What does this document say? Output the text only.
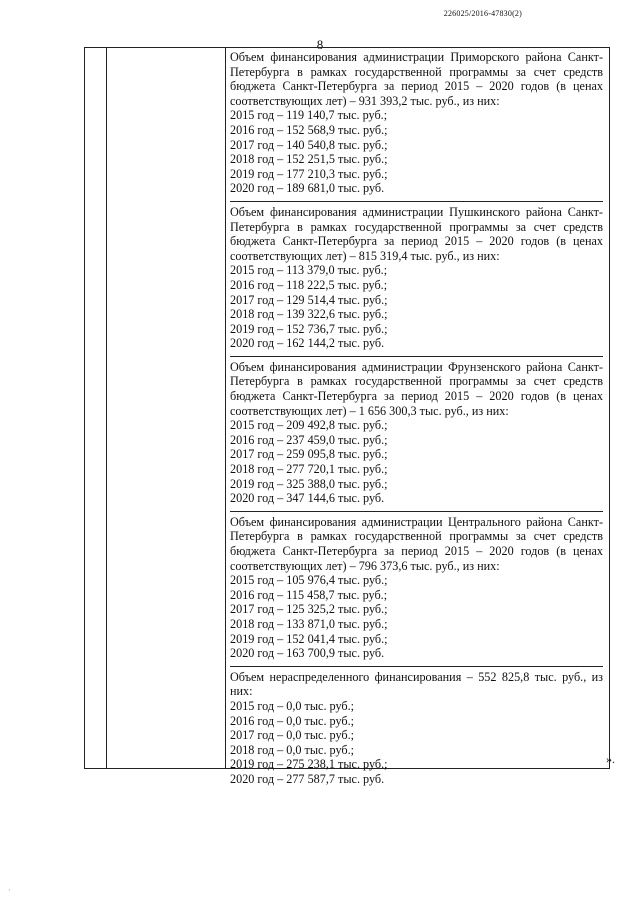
226025/2016-47830(2)
8
Объем финансирования администрации Приморского района Санкт-Петербурга в рамках государственной программы за счет средств бюджета Санкт-Петербурга за период 2015 – 2020 годов (в ценах соответствующих лет) – 931 393,2 тыс. руб., из них:
2015 год – 119 140,7 тыс. руб.;
2016 год – 152 568,9 тыс. руб.;
2017 год – 140 540,8 тыс. руб.;
2018 год – 152 251,5 тыс. руб.;
2019 год – 177 210,3 тыс. руб.;
2020 год – 189 681,0 тыс. руб.
Объем финансирования администрации Пушкинского района Санкт-Петербурга в рамках государственной программы за счет средств бюджета Санкт-Петербурга за период 2015 – 2020 годов (в ценах соответствующих лет) – 815 319,4 тыс. руб., из них:
2015 год – 113 379,0 тыс. руб.;
2016 год – 118 222,5 тыс. руб.;
2017 год – 129 514,4 тыс. руб.;
2018 год – 139 322,6 тыс. руб.;
2019 год – 152 736,7 тыс. руб.;
2020 год – 162 144,2 тыс. руб.
Объем финансирования администрации Фрунзенского района Санкт-Петербурга в рамках государственной программы за счет средств бюджета Санкт-Петербурга за период 2015 – 2020 годов (в ценах соответствующих лет) – 1 656 300,3 тыс. руб., из них:
2015 год – 209 492,8 тыс. руб.;
2016 год – 237 459,0 тыс. руб.;
2017 год – 259 095,8 тыс. руб.;
2018 год – 277 720,1 тыс. руб.;
2019 год – 325 388,0 тыс. руб.;
2020 год – 347 144,6 тыс. руб.
Объем финансирования администрации Центрального района Санкт-Петербурга в рамках государственной программы за счет средств бюджета Санкт-Петербурга за период 2015 – 2020 годов (в ценах соответствующих лет) – 796 373,6 тыс. руб., из них:
2015 год – 105 976,4 тыс. руб.;
2016 год – 115 458,7 тыс. руб.;
2017 год – 125 325,2 тыс. руб.;
2018 год – 133 871,0 тыс. руб.;
2019 год – 152 041,4 тыс. руб.;
2020 год – 163 700,9 тыс. руб.
Объем нераспределенного финансирования – 552 825,8 тыс. руб., из них:
2015 год – 0,0 тыс. руб.;
2016 год – 0,0 тыс. руб.;
2017 год – 0,0 тыс. руб.;
2018 год – 0,0 тыс. руб.;
2019 год – 275 238,1 тыс. руб.;
2020 год – 277 587,7 тыс. руб.
».
·
